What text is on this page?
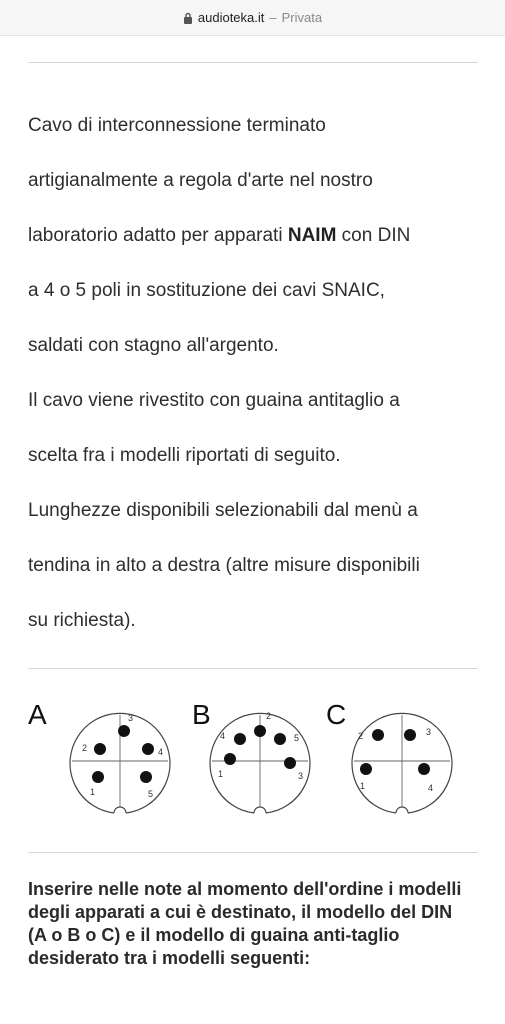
audioteka.it – Privata

Cavo di interconnessione terminato

artigianalmente a regola d'arte nel nostro

laboratorio adatto per apparati NAIM con DIN

a 4 o 5 poli in sostituzione dei cavi SNAIC,

saldati con stagno all'argento.

Il cavo viene rivestito con guaina antitaglio a

scelta fra i modelli riportati di seguito.

Lunghezze disponibili selezionabili dal menù a

tendina in alto a destra (altre misure disponibili

su richiesta).

A	3
2	4
1	5
B	2
4	5
1	3
C
2	3
1	4

Inserire nelle note al momento dell'ordine i modelli degli apparati a cui è destinato, il modello del DIN (A o B o C) e il modello di guaina anti-taglio desiderato tra i modelli seguenti:
